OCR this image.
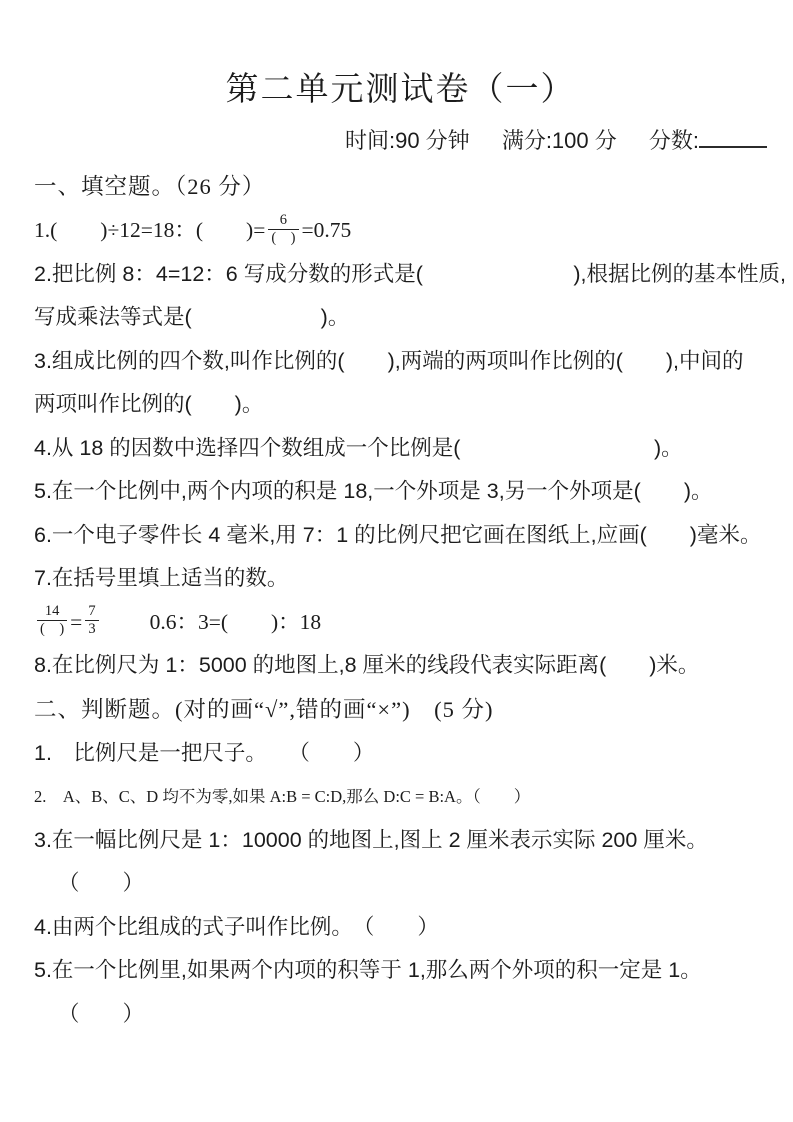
第二单元测试卷（一）
时间:90 分钟 满分:100 分 分数:
一、填空题。（26 分）
1.(　　)÷12=18：(　　)= $\frac{6}{( )} =0.75$
2.把比例 8：4=12：6 写成分数的形式是(　　　　　　　),根据比例的基本性质,
写成乘法等式是(　　　　　　)。
3.组成比例的四个数,叫作比例的(　　),两端的两项叫作比例的(　　),中间的
两项叫作比例的(　　)。
4.从 18 的因数中选择四个数组成一个比例是(　　　　　　　　　)。
5.在一个比例中,两个内项的积是 18,一个外项是 3,另一个外项是(　　)。
6.一个电子零件长 4 毫米,用 7：1 的比例尺把它画在图纸上,应画(　　)毫米。
7.在括号里填上适当的数。
$\frac{14}{( )} = \frac{7}{3} 0.6$：3=(　　)：18
8.在比例尺为 1：5000 的地图上,8 厘米的线段代表实际距离(　　)米。
二、判断题。(对的画“√”,错的画“×”)　(5 分)
1.　比例尺是一把尺子。　　（　　）
2.　A、B、C、D 均不为零,如果 A:B = C:D,那么 D:C = B:A。（　　）
3.在一幅比例尺是 1：10000 的地图上,图上 2 厘米表示实际 200 厘米。
（　　）
4.由两个比组成的式子叫作比例。　（　　）
5.在一个比例里,如果两个内项的积等于 1,那么两个外项的积一定是 1。
（　　）
